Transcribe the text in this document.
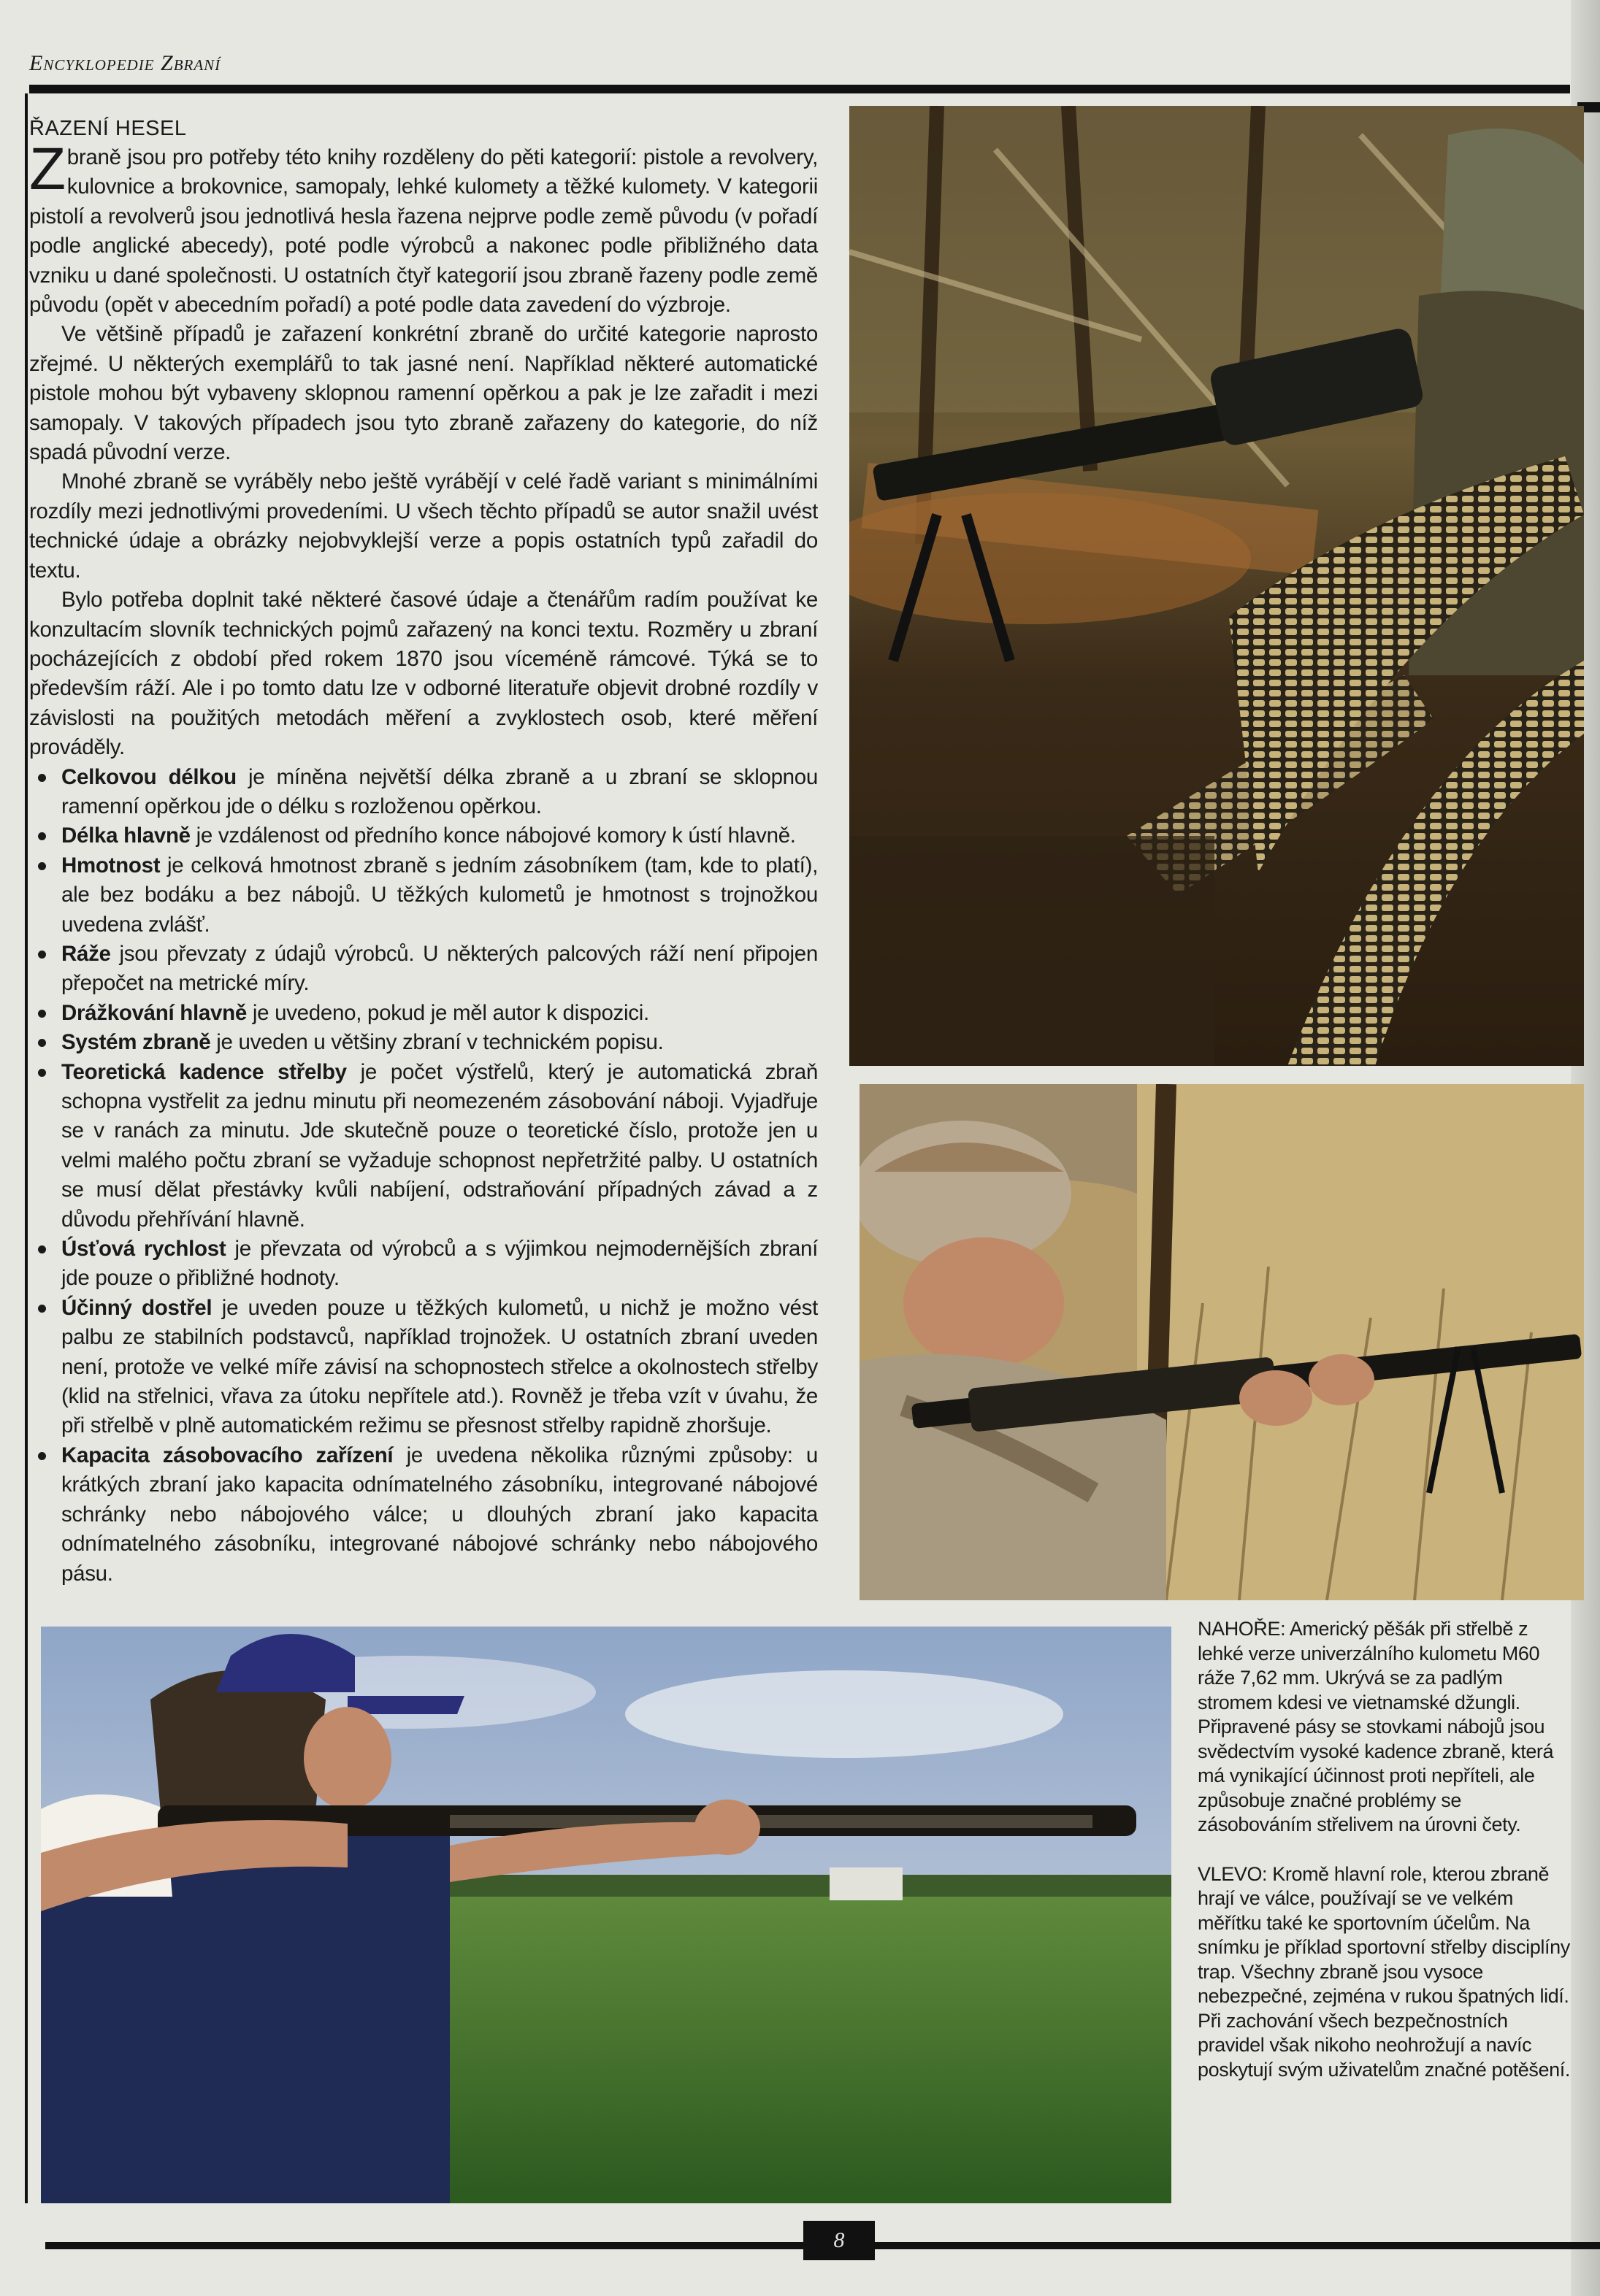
Encyklopedie Zbraní
ŘAZENÍ HESEL

Zbraně jsou pro potřeby této knihy rozděleny do pěti kategorií: pistole a revolvery, kulovnice a brokovnice, samopaly, lehké kulomety a těžké kulomety. V kategorii pistolí a revolverů jsou jednotlivá hesla řazena nejprve podle země původu (v pořadí podle anglické abecedy), poté podle výrobců a nakonec podle přibližného data vzniku u dané společnosti. U ostatních čtyř kategorií jsou zbraně řazeny podle země původu (opět v abecedním pořadí) a poté podle data zavedení do výzbroje.

Ve většině případů je zařazení konkrétní zbraně do určité kategorie naprosto zřejmé. U některých exemplářů to tak jasné není. Například některé automatické pistole mohou být vybaveny sklopnou ramenní opěrkou a pak je lze zařadit i mezi samopaly. V takových případech jsou tyto zbraně zařazeny do kategorie, do níž spadá původní verze.

Mnohé zbraně se vyráběly nebo ještě vyrábějí v celé řadě variant s minimálními rozdíly mezi jednotlivými provedeními. U všech těchto případů se autor snažil uvést technické údaje a obrázky nejobvyklejší verze a popis ostatních typů zařadil do textu.

Bylo potřeba doplnit také některé časové údaje a čtenářům radím používat ke konzultacím slovník technických pojmů zařazený na konci textu. Rozměry u zbraní pocházejících z období před rokem 1870 jsou víceméně rámcové. Týká se to především ráží. Ale i po tomto datu lze v odborné literatuře objevit drobné rozdíly v závislosti na použitých metodách měření a zvyklostech osob, které měření prováděly.

Celkovou délkou je míněna největší délka zbraně a u zbraní se sklopnou ramenní opěrkou jde o délku s rozloženou opěrkou.
Délka hlavně je vzdálenost od předního konce nábojové komory k ústí hlavně.
Hmotnost je celková hmotnost zbraně s jedním zásobníkem (tam, kde to platí), ale bez bodáku a bez nábojů. U těžkých kulometů je hmotnost s trojnožkou uvedena zvlášť.
Ráže jsou převzaty z údajů výrobců. U některých palcových ráží není připojen přepočet na metrické míry.
Drážkování hlavně je uvedeno, pokud je měl autor k dispozici.
Systém zbraně je uveden u většiny zbraní v technickém popisu.
Teoretická kadence střelby je počet výstřelů, který je automatická zbraň schopna vystřelit za jednu minutu při neomezeném zásobování náboji. Vyjadřuje se v ranách za minutu. Jde skutečně pouze o teoretické číslo, protože jen u velmi malého počtu zbraní se vyžaduje schopnost nepřetržité palby. U ostatních se musí dělat přestávky kvůli nabíjení, odstraňování případných závad a z důvodu přehřívání hlavně.
Úsťová rychlost je převzata od výrobců a s výjimkou nejmodernějších zbraní jde pouze o přibližné hodnoty.
Účinný dostřel je uveden pouze u těžkých kulometů, u nichž je možno vést palbu ze stabilních podstavců, například trojnožek. U ostatních zbraní uveden není, protože ve velké míře závisí na schopnostech střelce a okolnostech střelby (klid na střelnici, vřava za útoku nepřítele atd.). Rovněž je třeba vzít v úvahu, že při střelbě v plně automatickém režimu se přesnost střelby rapidně zhoršuje.
Kapacita zásobovacího zařízení je uvedena několika různými způsoby: u krátkých zbraní jako kapacita odnímatelného zásobníku, integrované nábojové schránky nebo nábojového válce; u dlouhých zbraní jako kapacita odnímatelného zásobníku, integrované nábojové schránky nebo nábojového pásu.

NAHOŘE: Americký pěšák při střelbě z lehké verze univerzálního kulometu M60 ráže 7,62 mm. Ukrývá se za padlým stromem kdesi ve vietnamské džungli. Připravené pásy se stovkami nábojů jsou svědectvím vysoké kadence zbraně, která má vynikající účinnost proti nepříteli, ale způsobuje značné problémy se zásobováním střelivem na úrovni čety.

VLEVO: Kromě hlavní role, kterou zbraně hrají ve válce, používají se ve velkém měřítku také ke sportovním účelům. Na snímku je příklad sportovní střelby disciplíny trap. Všechny zbraně jsou vysoce nebezpečné, zejména v rukou špatných lidí. Při zachování všech bezpečnostních pravidel však nikoho neohrožují a navíc poskytují svým uživatelům značné potěšení.

8
